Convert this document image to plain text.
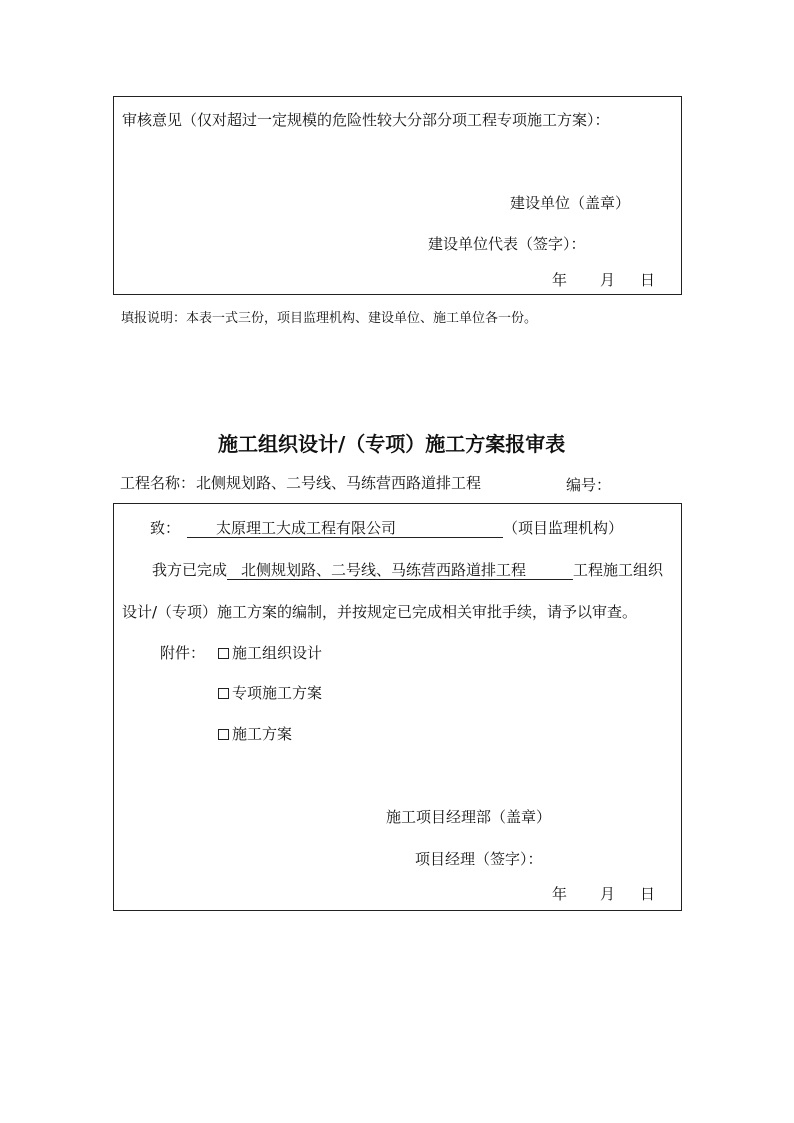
审核意见（仅对超过一定规模的危险性较大分部分项工程专项施工方案）：
建设单位（盖章）
建设单位代表（签字）：
年 月 日
填报说明：本表一式三份，项目监理机构、建设单位、施工单位各一份。
施工组织设计/（专项）施工方案报审表
工程名称： 北侧规划路、二号线、马练营西路道排工程	编号：
致：	太原理工大成工程有限公司	（项目监理机构）
我方已完成 北侧规划路、二号线、马练营西路道排工程	工程施工组织
设计/（专项）施工方案的编制，并按规定已完成相关审批手续，请予以审查。
附件：	施工组织设计
专项施工方案
施工方案
施工项目经理部（盖章）
项目经理（签字）：
年 月 日
